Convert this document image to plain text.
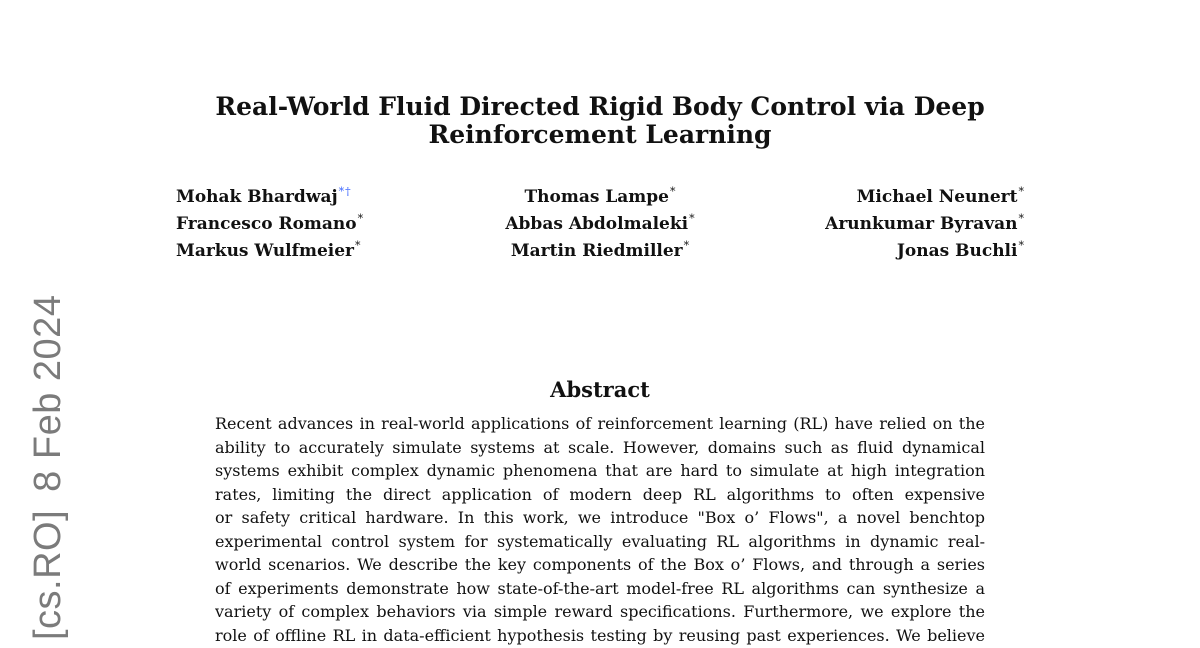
[cs.RO]8 Feb 2024
Real-World Fluid Directed Rigid Body Control via Deep
Reinforcement Learning
Mohak Bhardwaj*†	Thomas Lampe*	Michael Neunert*
Francesco Romano*	Abbas Abdolmaleki*	Arunkumar Byravan*
Markus Wulfmeier*	Martin Riedmiller*	Jonas Buchli*
Abstract
Recent advances in real-world applications of reinforcement learning (RL) have relied on the
ability to accurately simulate systems at scale. However, domains such as fluid dynamical
systems exhibit complex dynamic phenomena that are hard to simulate at high integration
rates, limiting the direct application of modern deep RL algorithms to often expensive
or safety critical hardware. In this work, we introduce "Box o’ Flows", a novel benchtop
experimental control system for systematically evaluating RL algorithms in dynamic real-
world scenarios. We describe the key components of the Box o’ Flows, and through a series
of experiments demonstrate how state-of-the-art model-free RL algorithms can synthesize a
variety of complex behaviors via simple reward specifications. Furthermore, we explore the
role of offline RL in data-efficient hypothesis testing by reusing past experiences. We believe
